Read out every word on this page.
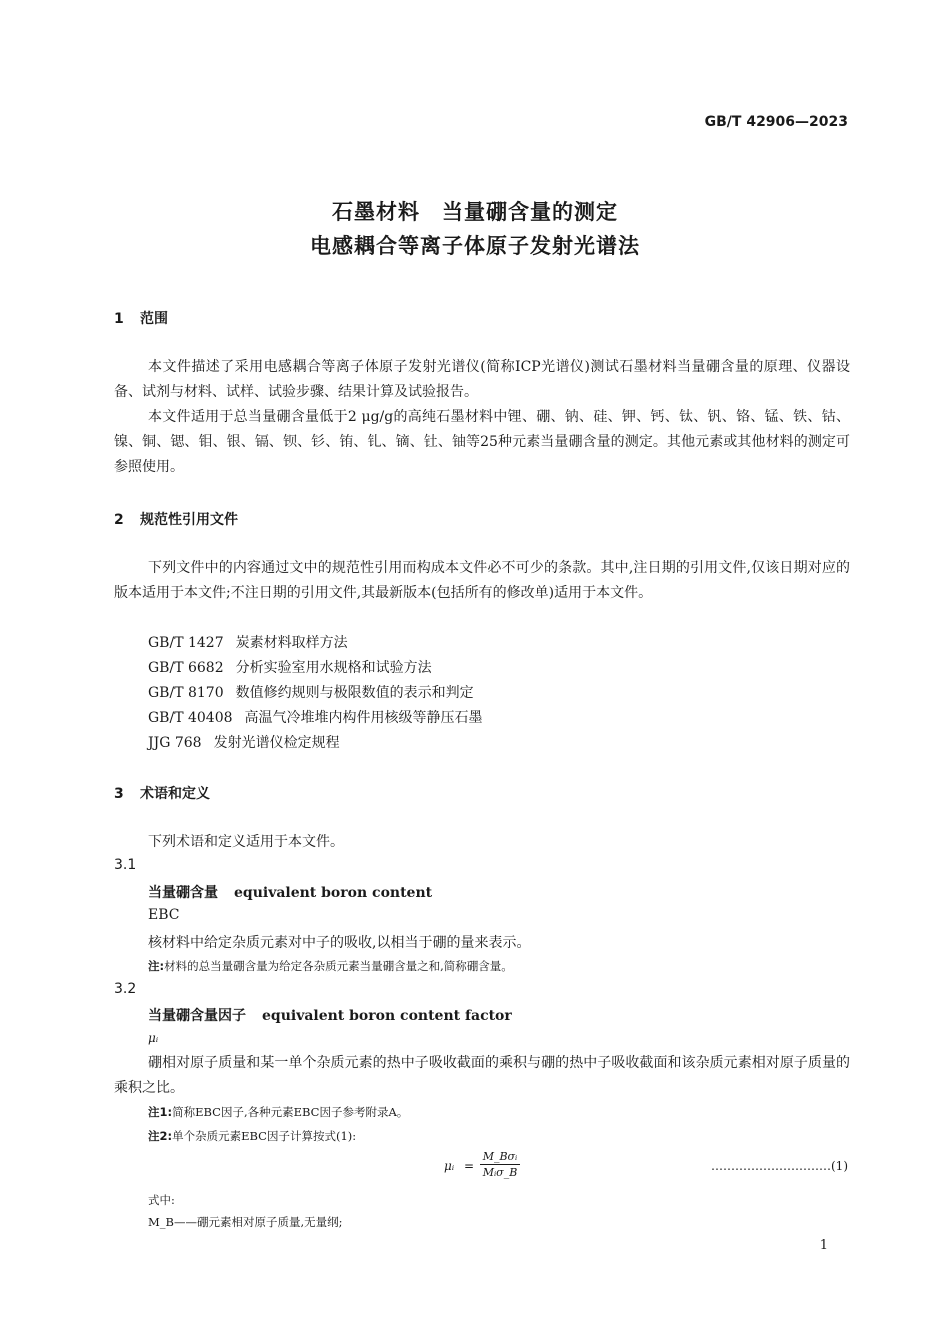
GB/T 42906—2023
石墨材料　当量硼含量的测定
电感耦合等离子体原子发射光谱法
1 范围
本文件描述了采用电感耦合等离子体原子发射光谱仪(简称ICP光谱仪)测试石墨材料当量硼含量的原理、仪器设备、试剂与材料、试样、试验步骤、结果计算及试验报告。
本文件适用于总当量硼含量低于2 μg/g的高纯石墨材料中锂、硼、钠、硅、钾、钙、钛、钒、铬、锰、铁、钴、镍、铜、锶、钼、银、镉、钡、钐、铕、钆、镝、钍、铀等25种元素当量硼含量的测定。其他元素或其他材料的测定可参照使用。
2 规范性引用文件
下列文件中的内容通过文中的规范性引用而构成本文件必不可少的条款。其中,注日期的引用文件,仅该日期对应的版本适用于本文件;不注日期的引用文件,其最新版本(包括所有的修改单)适用于本文件。
GB/T 1427 炭素材料取样方法
GB/T 6682 分析实验室用水规格和试验方法
GB/T 8170 数值修约规则与极限数值的表示和判定
GB/T 40408 高温气冷堆堆内构件用核级等静压石墨
JJG 768 发射光谱仪检定规程
3 术语和定义
下列术语和定义适用于本文件。
3.1
当量硼含量 equivalent boron content
EBC
核材料中给定杂质元素对中子的吸收,以相当于硼的量来表示。
注:材料的总当量硼含量为给定各杂质元素当量硼含量之和,简称硼含量。
3.2
当量硼含量因子 equivalent boron content factor
μᵢ
硼相对原子质量和某一单个杂质元素的热中子吸收截面的乘积与硼的热中子吸收截面和该杂质元素相对原子质量的乘积之比。
注1:简称EBC因子,各种元素EBC因子参考附录A。
注2:单个杂质元素EBC因子计算按式(1):
μᵢ =
M_Bσᵢ
Mᵢσ_B	…………………………(1)
式中:
M_B——硼元素相对原子质量,无量纲;
1
